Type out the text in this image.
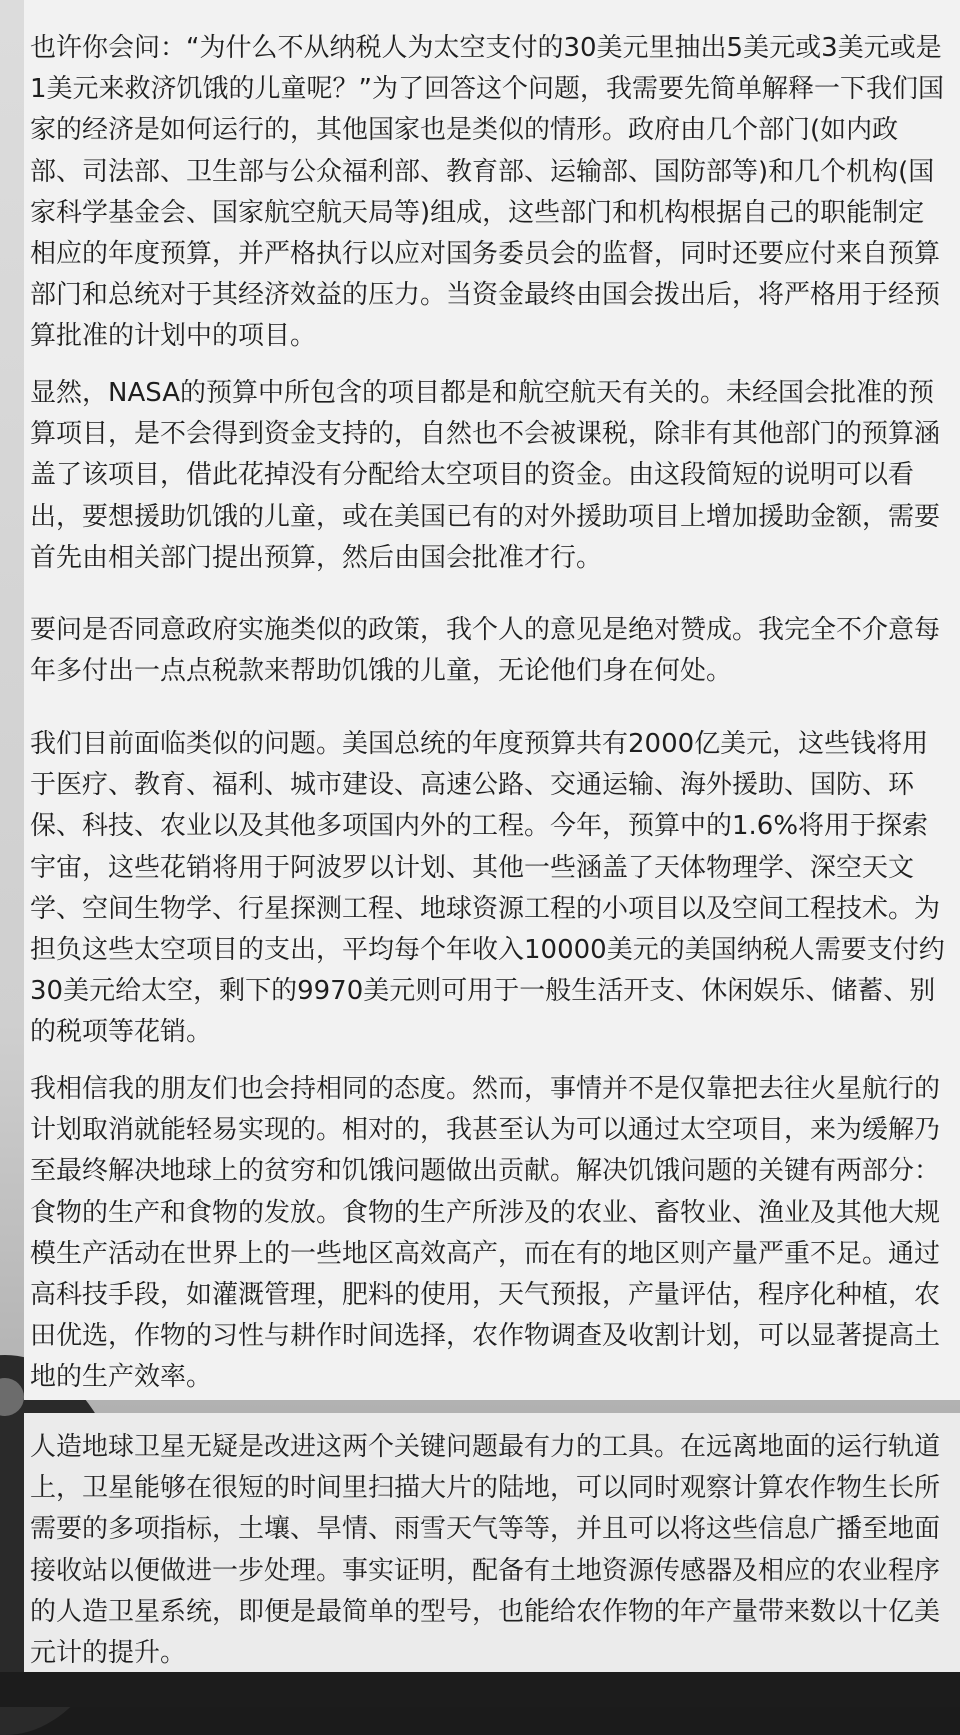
也许你会问：“为什么不从纳税人为太空支付的30美元里抽出5美元或3美元或是1美元来救济饥饿的儿童呢？”为了回答这个问题，我需要先简单解释一下我们国家的经济是如何运行的，其他国家也是类似的情形。政府由几个部门(如内政部、司法部、卫生部与公众福利部、教育部、运输部、国防部等)和几个机构(国家科学基金会、国家航空航天局等)组成，这些部门和机构根据自己的职能制定相应的年度预算，并严格执行以应对国务委员会的监督，同时还要应付来自预算部门和总统对于其经济效益的压力。当资金最终由国会拨出后，将严格用于经预算批准的计划中的项目。

显然，NASA的预算中所包含的项目都是和航空航天有关的。未经国会批准的预算项目，是不会得到资金支持的，自然也不会被课税，除非有其他部门的预算涵盖了该项目，借此花掉没有分配给太空项目的资金。由这段简短的说明可以看出，要想援助饥饿的儿童，或在美国已有的对外援助项目上增加援助金额，需要首先由相关部门提出预算，然后由国会批准才行。

要问是否同意政府实施类似的政策，我个人的意见是绝对赞成。我完全不介意每年多付出一点点税款来帮助饥饿的儿童，无论他们身在何处。

我们目前面临类似的问题。美国总统的年度预算共有2000亿美元，这些钱将用于医疗、教育、福利、城市建设、高速公路、交通运输、海外援助、国防、环保、科技、农业以及其他多项国内外的工程。今年，预算中的1.6%将用于探索宇宙，这些花销将用于阿波罗以计划、其他一些涵盖了天体物理学、深空天文学、空间生物学、行星探测工程、地球资源工程的小项目以及空间工程技术。为担负这些太空项目的支出，平均每个年收入10000美元的美国纳税人需要支付约30美元给太空，剩下的9970美元则可用于一般生活开支、休闲娱乐、储蓄、别的税项等花销。

我相信我的朋友们也会持相同的态度。然而，事情并不是仅靠把去往火星航行的计划取消就能轻易实现的。相对的，我甚至认为可以通过太空项目，来为缓解乃至最终解决地球上的贫穷和饥饿问题做出贡献。解决饥饿问题的关键有两部分：食物的生产和食物的发放。食物的生产所涉及的农业、畜牧业、渔业及其他大规模生产活动在世界上的一些地区高效高产，而在有的地区则产量严重不足。通过高科技手段，如灌溉管理，肥料的使用，天气预报，产量评估，程序化种植，农田优选，作物的习性与耕作时间选择，农作物调查及收割计划，可以显著提高土地的生产效率。

人造地球卫星无疑是改进这两个关键问题最有力的工具。在远离地面的运行轨道上，卫星能够在很短的时间里扫描大片的陆地，可以同时观察计算农作物生长所需要的多项指标，土壤、旱情、雨雪天气等等，并且可以将这些信息广播至地面接收站以便做进一步处理。事实证明，配备有土地资源传感器及相应的农业程序的人造卫星系统，即便是最简单的型号，也能给农作物的年产量带来数以十亿美元计的提升。
